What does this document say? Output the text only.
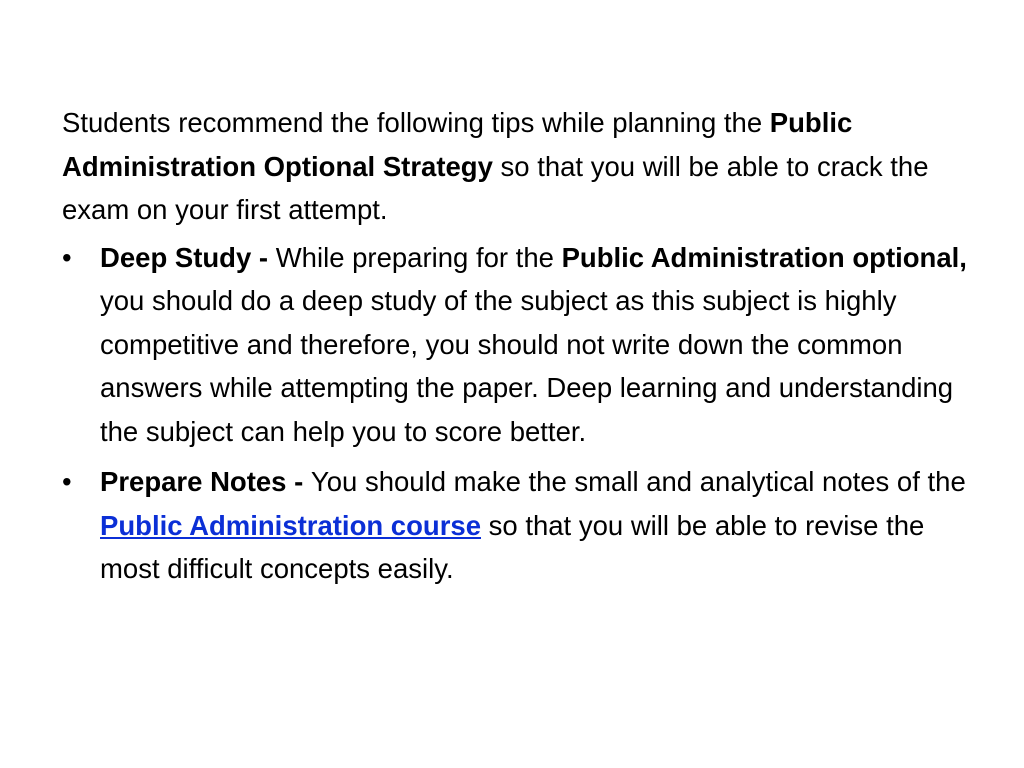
Students recommend the following tips while planning the Public Administration Optional Strategy so that you will be able to crack the exam on your first attempt.

•	Deep Study - While preparing for the Public Administration optional, you should do a deep study of the subject as this subject is highly competitive and therefore, you should not write down the common answers while attempting the paper. Deep learning and understanding the subject can help you to score better.
•	Prepare Notes - You should make the small and analytical notes of the Public Administration course so that you will be able to revise the most difficult concepts easily.
